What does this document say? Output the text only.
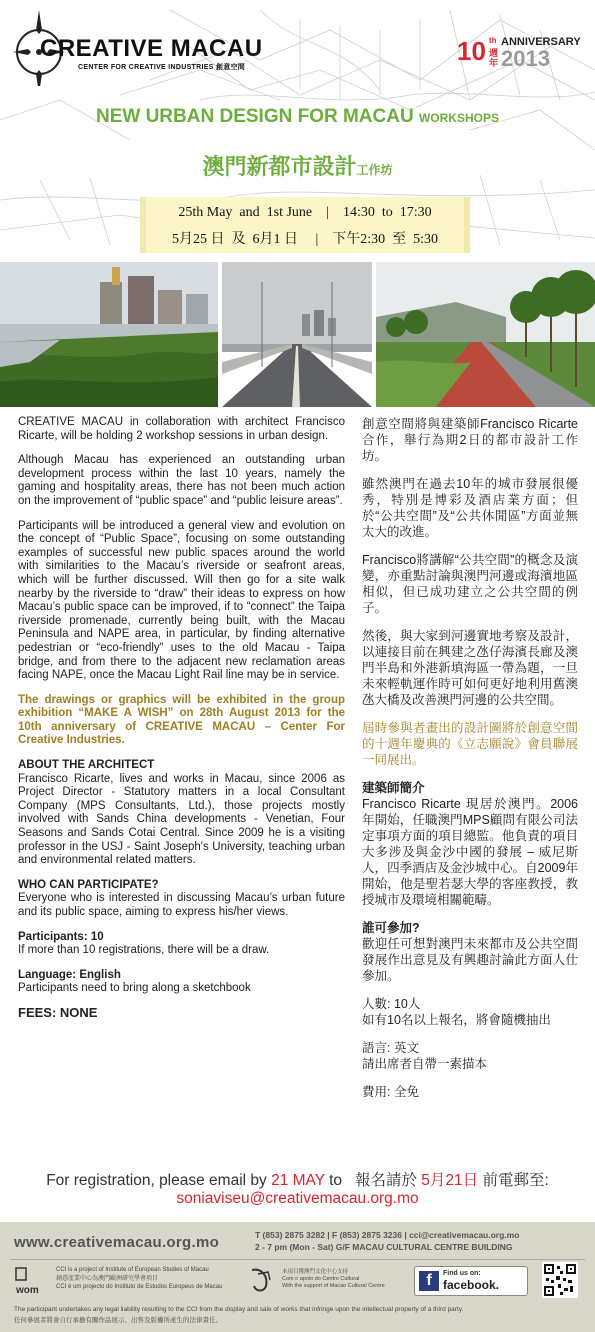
CREATIVE MACAU
CENTER FOR CREATIVE INDUSTRIES 創意空間
10 th
週
年
ANNIVERSARY
2013
NEW URBAN DESIGN FOR MACAU WORKSHOPS
澳門新都市設計工作坊
25th May  and  1st June    |    14:30  to  17:30
5月25 日  及  6月1 日     |    下午2:30  至  5:30

CREATIVE MACAU in collaboration with architect Francisco Ricarte, will be holding 2 workshop sessions in urban design.

Although Macau has experienced an outstanding urban development process within the last 10 years, namely the gaming and hospitality areas, there has not been much action on the improvement of “public space” and “public leisure areas”.

Participants will be introduced a general view and evolution on the concept of “Public Space”, focusing on some outstanding examples of successful new public spaces around the world with similarities to the Macau’s riverside or seafront areas, which will be further discussed. Will then go for a site walk nearby by the riverside to “draw” their ideas to express on how Macau’s public space can be improved, if to “connect” the Taipa riverside promenade, currently being built, with the Macau Peninsula and NAPE area, in particular, by finding alternative pedestrian or “eco-friendly” uses to the old Macau - Taipa bridge, and from there to the adjacent new reclamation areas facing NAPE, once the Macau Light Rail line may be in service.

The drawings or graphics will be exhibited in the group exhibition “MAKE A WISH” on 28th August 2013 for the 10th anniversary of CREATIVE MACAU – Center For Creative Industries.

ABOUT THE ARCHITECT

Francisco Ricarte, lives and works in Macau, since 2006 as Project Director - Statutory matters in a local Consultant Company (MPS Consultants, Ltd.), those projects mostly involved with Sands China developments - Venetian, Four Seasons and Sands Cotai Central. Since 2009 he is a visiting professor in the USJ - Saint Joseph's University, teaching urban and environmental related matters.

WHO CAN PARTICIPATE?

Everyone who is interested in discussing Macau’s urban future and its public space, aiming to express his/her views.

Participants: 10

If more than 10 registrations, there will be a draw.

Language: English

Participants need to bring along a sketchbook

FEES: NONE

創意空間將與建築師Francisco Ricarte合作，舉行為期2日的都市設計工作坊。

雖然澳門在過去10年的城市發展很優秀，特別是博彩及酒店業方面；但於“公共空間”及“公共休閒區”方面並無太大的改進。

Francisco將講解“公共空間”的概念及演變，亦重點討論與澳門河邊或海濱地區相似，但已成功建立之公共空間的例子。

然後，與大家到河邊實地考察及設計，以連接目前在興建之氹仔海濱長廊及澳門半島和外港新填海區一帶為題，一旦未來輕軌運作時可如何更好地利用舊澳氹大橋及改善澳門河邊的公共空間。

屆時參與者畫出的設計圖將於創意空間的十週年慶典的《立志願說》會員聯展一同展出。

建築師簡介

Francisco Ricarte 現居於澳門。2006年開始，任職澳門MPS顧問有限公司法定事項方面的項目總監。他負責的項目大多涉及與金沙中國的發展 – 威尼斯人，四季酒店及金沙城中心。自2009年開始，他是聖若瑟大學的客座教授，教授城市及環境相關範疇。

誰可參加?

歡迎任可想對澳門未來都市及公共空間發展作出意見及有興趣討論此方面人仕參加。

人數: 10人

如有10名以上報名，將會隨機抽出

語言: 英文

請出席者自帶一素描本

費用: 全免
For registration, please email by 21 MAY to 報名請於 5月21日 前電郵至:
soniaviseu@creativemacau.org.mo
www.creativemacau.org.mo	T (853) 2875 3282 | F (853) 2875 3236 | cci@creativemacau.org.mo
2 - 7 pm (Mon - Sat) G/F MACAU CULTURAL CENTRE BUILDING
wom
CCI is a project of Institute of European Studies of Macau
創意產業中心為澳門歐洲研究學會項目
CCI é um projecto do Instituto de Estudos Europeus de Macau
本項目獲澳門文化中心支持
Com o apoio do Centro Cultural
With the support of Macao Cultural Centre	f	Find us on:
facebook.
The participant undertakes any legal liability resulting to the CCI from the display and sale of works that infringe upon the intellectual property of a third party.
任何參展者將會自行承擔有關作品展示、出售及版權所產生的法律責任。
